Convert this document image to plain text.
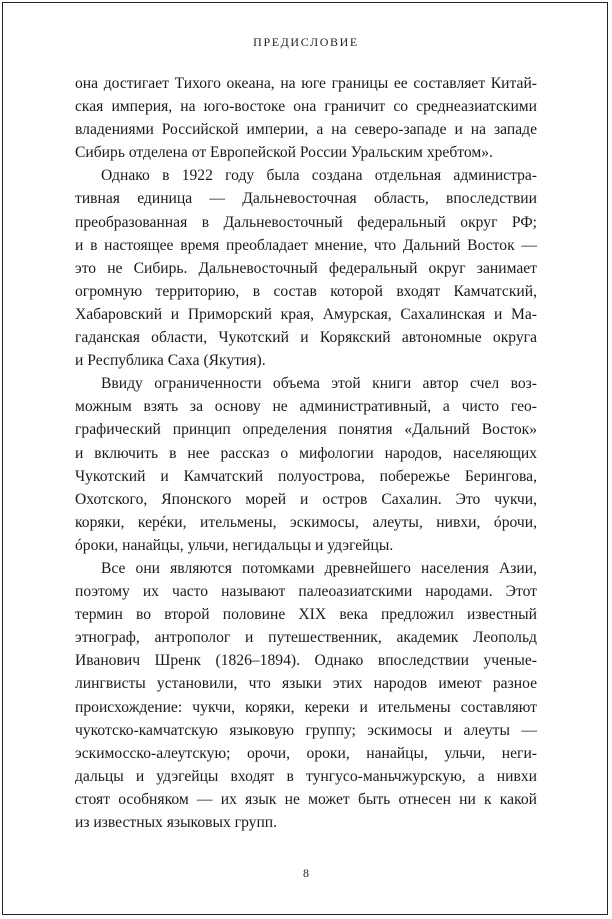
ПРЕДИСЛОВИЕ
она достигает Тихого океана, на юге границы ее составляет Китай-
ская империя, на юго-востоке она граничит со среднеазиатскими
владениями Российской империи, а на северо-западе и на западе
Сибирь отделена от Европейской России Уральским хребтом».
Однако в 1922 году была создана отдельная администра-
тивная единица — Дальневосточная область, впоследствии
преобразованная в Дальневосточный федеральный округ РФ;
и в настоящее время преобладает мнение, что Дальний Восток —
это не Сибирь. Дальневосточный федеральный округ занимает
огромную территорию, в состав которой входят Камчатский,
Хабаровский и Приморский края, Амурская, Сахалинская и Ма-
гаданская области, Чукотский и Корякский автономные округа
и Республика Саха (Якутия).
Ввиду ограниченности объема этой книги автор счел воз-
можным взять за основу не административный, а чисто гео-
графический принцип определения понятия «Дальний Восток»
и включить в нее рассказ о мифологии народов, населяющих
Чукотский и Камчатский полуострова, побережье Берингова,
Охотского, Японского морей и остров Сахалин. Это чукчи,
коряки, керéки, ительмены, эскимосы, алеуты, нивхи, óрочи,
óроки, нанайцы, ульчи, негидальцы и удэгейцы.
Все они являются потомками древнейшего населения Азии,
поэтому их часто называют палеоазиатскими народами. Этот
термин во второй половине XIX века предложил известный
этнограф, антрополог и путешественник, академик Леопольд
Иванович Шренк (1826–1894). Однако впоследствии ученые-
лингвисты установили, что языки этих народов имеют разное
происхождение: чукчи, коряки, кереки и ительмены составляют
чукотско-камчатскую языковую группу; эскимосы и алеуты —
эскимосско-алеутскую; орочи, ороки, нанайцы, ульчи, неги-
дальцы и удэгейцы входят в тунгусо-маньчжурскую, а нивхи
стоят особняком — их язык не может быть отнесен ни к какой
из известных языковых групп.
8
